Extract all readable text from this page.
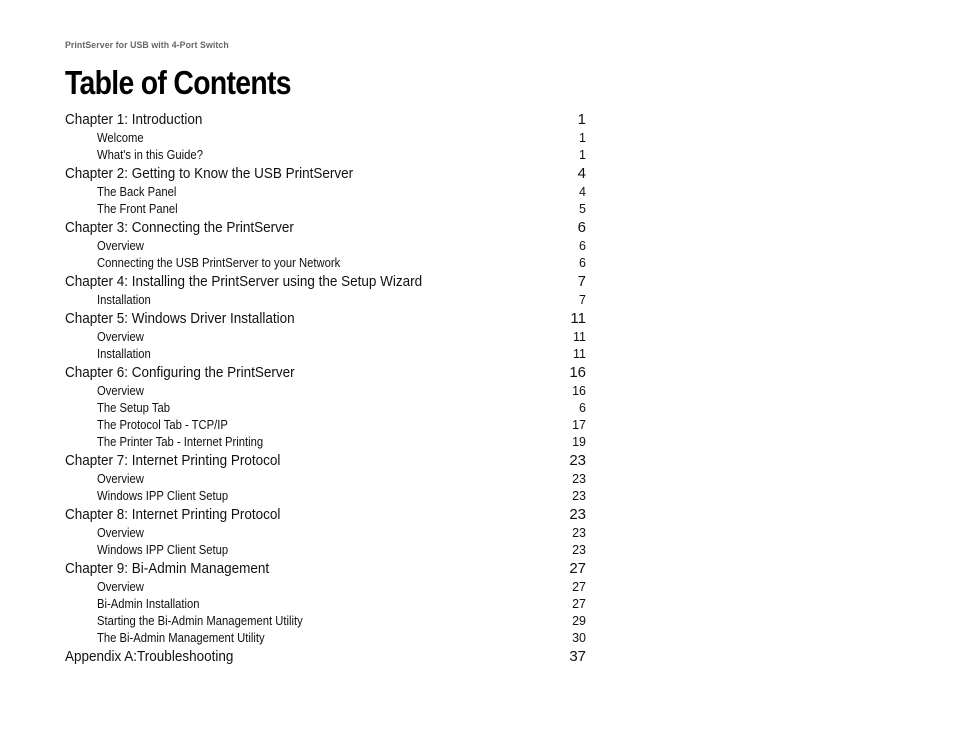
PrintServer for USB with 4-Port Switch
Table of Contents
Chapter 1: Introduction	1
Welcome	1
What's in this Guide?	1
Chapter 2: Getting to Know the USB PrintServer	4
The Back Panel	4
The Front Panel	5
Chapter 3: Connecting the PrintServer	6
Overview	6
Connecting the USB PrintServer to your Network	6
Chapter 4: Installing the PrintServer using the Setup Wizard	7
Installation	7
Chapter 5: Windows Driver Installation	11
Overview	11
Installation	11
Chapter 6: Configuring the PrintServer	16
Overview	16
The Setup Tab	6
The Protocol Tab - TCP/IP	17
The Printer Tab - Internet Printing	19
Chapter 7: Internet Printing Protocol	23
Overview	23
Windows IPP Client Setup	23
Chapter 8: Internet Printing Protocol	23
Overview	23
Windows IPP Client Setup	23
Chapter 9: Bi-Admin Management	27
Overview	27
Bi-Admin Installation	27
Starting the Bi-Admin Management Utility	29
The Bi-Admin Management Utility	30
Appendix A:Troubleshooting	37
